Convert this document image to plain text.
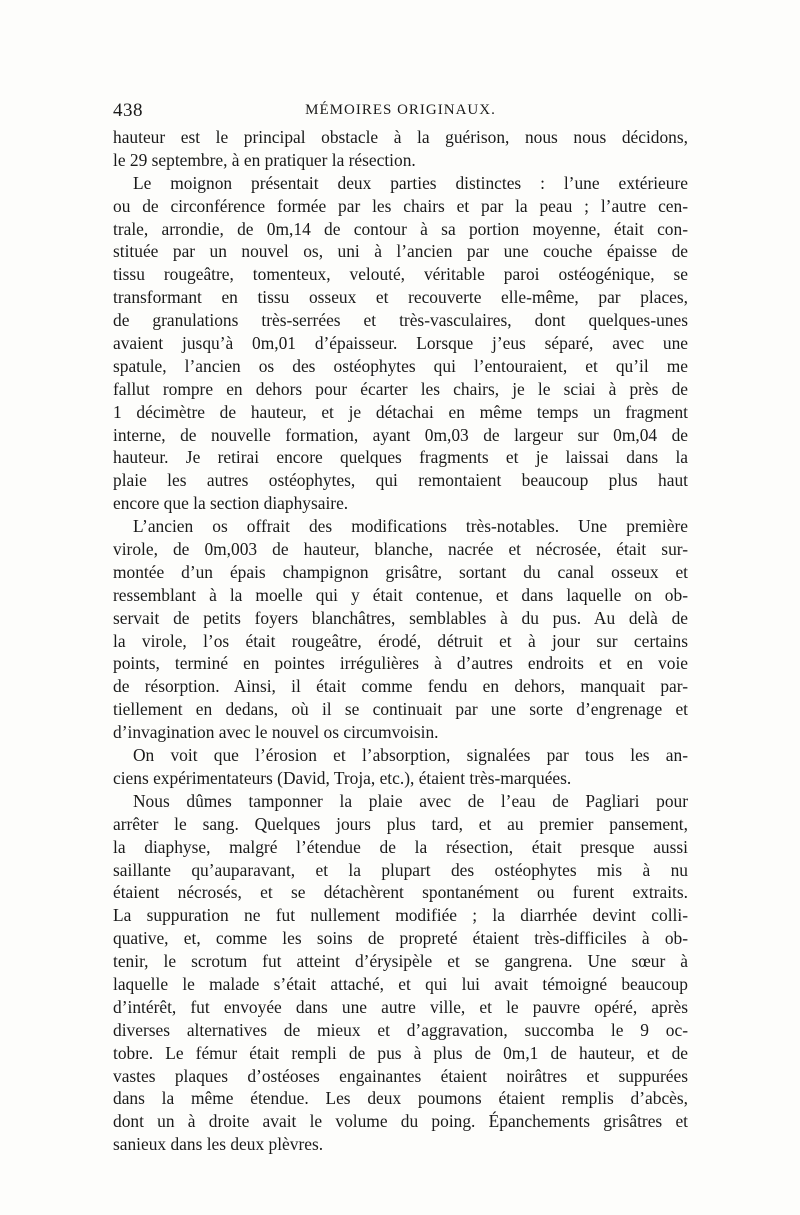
438	MÉMOIRES ORIGINAUX.
hauteur est le principal obstacle à la guérison, nous nous décidons,
le 29 septembre, à en pratiquer la résection.
Le moignon présentait deux parties distinctes : l’une extérieure
ou de circonférence formée par les chairs et par la peau ; l’autre cen-
trale, arrondie, de 0m,14 de contour à sa portion moyenne, était con-
stituée par un nouvel os, uni à l’ancien par une couche épaisse de
tissu rougeâtre, tomenteux, velouté, véritable paroi ostéogénique, se
transformant en tissu osseux et recouverte elle-même, par places,
de granulations très-serrées et très-vasculaires, dont quelques-unes
avaient jusqu’à 0m,01 d’épaisseur. Lorsque j’eus séparé, avec une
spatule, l’ancien os des ostéophytes qui l’entouraient, et qu’il me
fallut rompre en dehors pour écarter les chairs, je le sciai à près de
1 décimètre de hauteur, et je détachai en même temps un fragment
interne, de nouvelle formation, ayant 0m,03 de largeur sur 0m,04 de
hauteur. Je retirai encore quelques fragments et je laissai dans la
plaie les autres ostéophytes, qui remontaient beaucoup plus haut
encore que la section diaphysaire.
L’ancien os offrait des modifications très-notables. Une première
virole, de 0m,003 de hauteur, blanche, nacrée et nécrosée, était sur-
montée d’un épais champignon grisâtre, sortant du canal osseux et
ressemblant à la moelle qui y était contenue, et dans laquelle on ob-
servait de petits foyers blanchâtres, semblables à du pus. Au delà de
la virole, l’os était rougeâtre, érodé, détruit et à jour sur certains
points, terminé en pointes irrégulières à d’autres endroits et en voie
de résorption. Ainsi, il était comme fendu en dehors, manquait par-
tiellement en dedans, où il se continuait par une sorte d’engrenage et
d’invagination avec le nouvel os circumvoisin.
On voit que l’érosion et l’absorption, signalées par tous les an-
ciens expérimentateurs (David, Troja, etc.), étaient très-marquées.
Nous dûmes tamponner la plaie avec de l’eau de Pagliari pour
arrêter le sang. Quelques jours plus tard, et au premier pansement,
la diaphyse, malgré l’étendue de la résection, était presque aussi
saillante qu’auparavant, et la plupart des ostéophytes mis à nu
étaient nécrosés, et se détachèrent spontanément ou furent extraits.
La suppuration ne fut nullement modifiée ; la diarrhée devint colli-
quative, et, comme les soins de propreté étaient très-difficiles à ob-
tenir, le scrotum fut atteint d’érysipèle et se gangrena. Une sœur à
laquelle le malade s’était attaché, et qui lui avait témoigné beaucoup
d’intérêt, fut envoyée dans une autre ville, et le pauvre opéré, après
diverses alternatives de mieux et d’aggravation, succomba le 9 oc-
tobre. Le fémur était rempli de pus à plus de 0m,1 de hauteur, et de
vastes plaques d’ostéoses engainantes étaient noirâtres et suppurées
dans la même étendue. Les deux poumons étaient remplis d’abcès,
dont un à droite avait le volume du poing. Épanchements grisâtres et
sanieux dans les deux plèvres.
